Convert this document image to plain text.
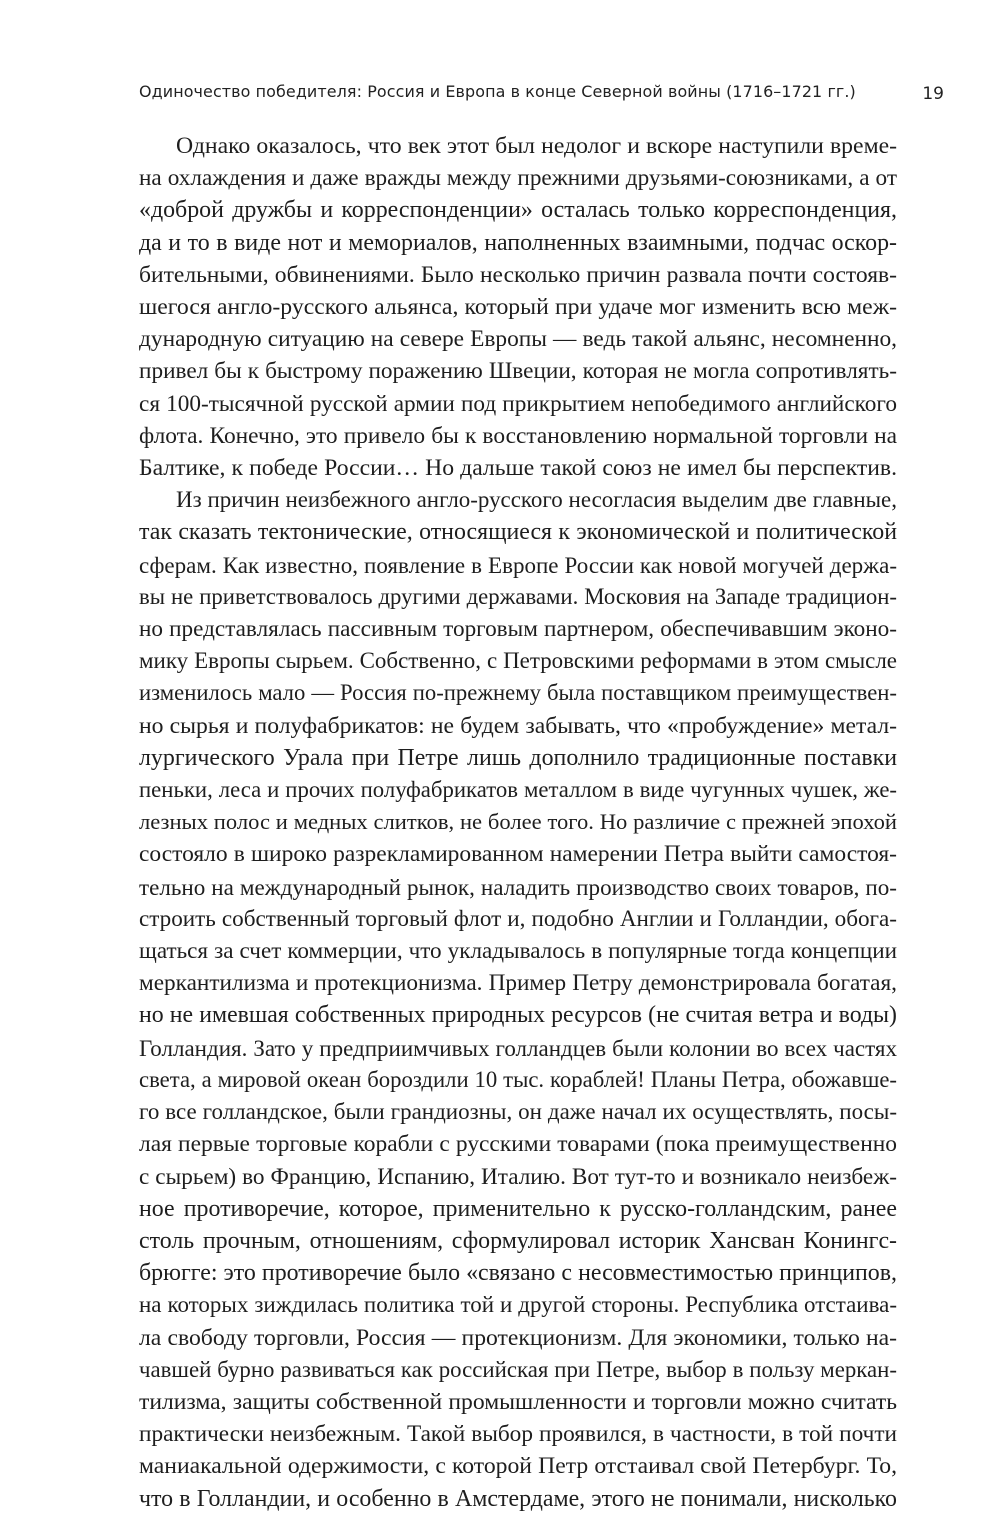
Одиночество победителя: Россия и Европа в конце Северной войны (1716–1721 гг.)	19

Однако оказалось, что век этот был недолог и вскоре наступили време-
на охлаждения и даже вражды между прежними друзьями-союзниками, а от
«доброй дружбы и корреспонденции» осталась только корреспонденция,
да и то в виде нот и мемориалов, наполненных взаимными, подчас оскор-
бительными, обвинениями. Было несколько причин развала почти состояв-
шегося англо-русского альянса, который при удаче мог изменить всю меж-
дународную ситуацию на севере Европы — ведь такой альянс, несомненно,
привел бы к быстрому поражению Швеции, которая не могла сопротивлять-
ся 100-тысячной русской армии под прикрытием непобедимого английского
флота. Конечно, это привело бы к восстановлению нормальной торговли на
Балтике, к победе России… Но дальше такой союз не имел бы перспектив.

Из причин неизбежного англо-русского несогласия выделим две главные,
так сказать тектонические, относящиеся к экономической и политической
сферам. Как известно, появление в Европе России как новой могучей держа-
вы не приветствовалось другими державами. Московия на Западе традицион-
но представлялась пассивным торговым партнером, обеспечивавшим эконо-
мику Европы сырьем. Собственно, с Петровскими реформами в этом смысле
изменилось мало — Россия по-прежнему была поставщиком преимуществен-
но сырья и полуфабрикатов: не будем забывать, что «пробуждение» метал-
лургического Урала при Петре лишь дополнило традиционные поставки
пеньки, леса и прочих полуфабрикатов металлом в виде чугунных чушек, же-
лезных полос и медных слитков, не более того. Но различие с прежней эпохой
состояло в широко разрекламированном намерении Петра выйти самостоя-
тельно на международный рынок, наладить производство своих товаров, по-
строить собственный торговый флот и, подобно Англии и Голландии, обога-
щаться за счет коммерции, что укладывалось в популярные тогда концепции
меркантилизма и протекционизма. Пример Петру демонстрировала богатая,
но не имевшая собственных природных ресурсов (не считая ветра и воды)
Голландия. Зато у предприимчивых голландцев были колонии во всех частях
света, а мировой океан бороздили 10 тыс. кораблей! Планы Петра, обожавше-
го все голландское, были грандиозны, он даже начал их осуществлять, посы-
лая первые торговые корабли с русскими товарами (пока преимущественно
с сырьем) во Францию, Испанию, Италию. Вот тут-то и возникало неизбеж-
ное противоречие, которое, применительно к русско-голландским, ранее
столь прочным, отношениям, сформулировал историк Хансван Конингс-
брюгге: это противоречие было «связано с несовместимостью принципов,
на которых зиждилась политика той и другой стороны. Республика отстаива-
ла свободу торговли, Россия — протекционизм. Для экономики, только на-
чавшей бурно развиваться как российская при Петре, выбор в пользу меркан-
тилизма, защиты собственной промышленности и торговли можно считать
практически неизбежным. Такой выбор проявился, в частности, в той почти
маниакальной одержимости, с которой Петр отстаивал свой Петербург. То,
что в Голландии, и особенно в Амстердаме, этого не понимали, нисколько
